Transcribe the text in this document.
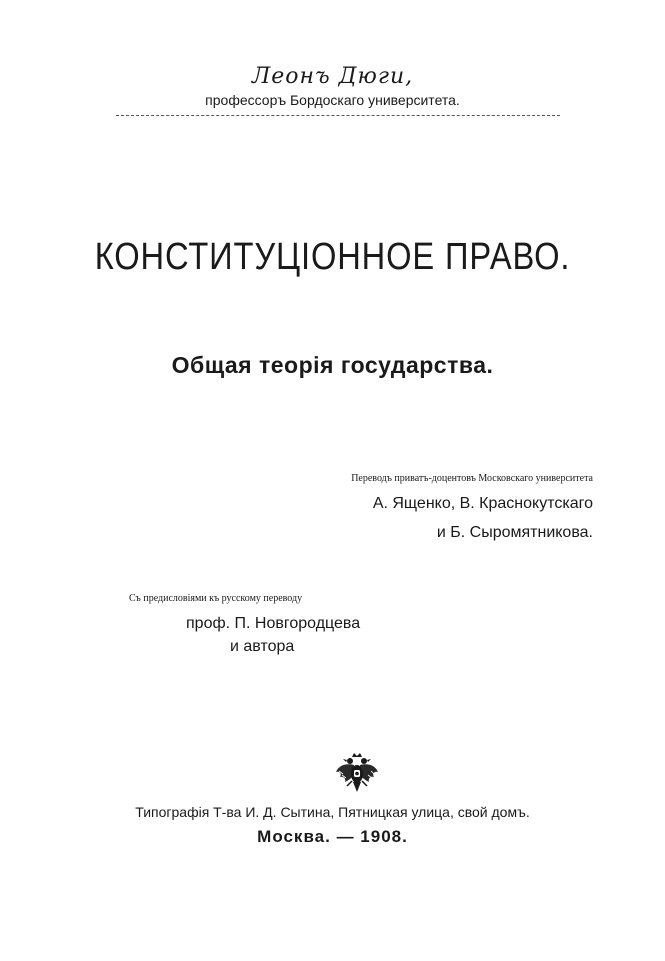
Леонъ Дюги,
профессоръ Бордоскаго университета.
КОНСТИТУЦІОННОЕ ПРАВО.
Общая теорія государства.
Переводъ приватъ-доцентовъ Московскаго университета
А. Ященко, В. Краснокутскаго
и Б. Сыромятникова.
Съ предисловіями къ русскому переводу
проф. П. Новгородцева
и автора
Типографія Т-ва И. Д. Сытина, Пятницкая улица, свой домъ.
Москва. — 1908.
